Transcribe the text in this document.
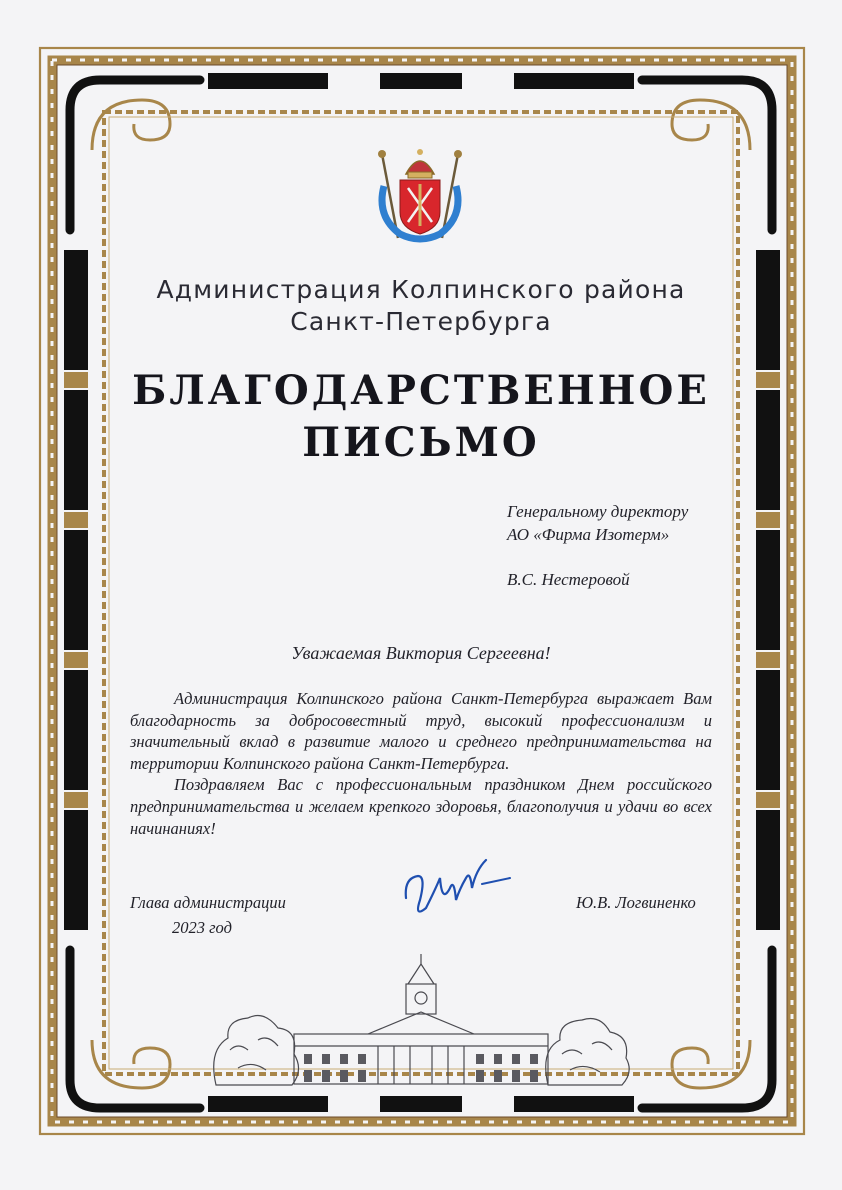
Администрация Колпинского района
Санкт-Петербурга
БЛАГОДАРСТВЕННОЕ
ПИСЬМО
Генеральному директору
АО «Фирма Изотерм»
В.С. Нестеровой
Уважаемая Виктория Сергеевна!

Администрация Колпинского района Санкт-Петербурга выражает Вам благодарность за добросовестный труд, высокий профессионализм и значительный вклад в развитие малого и среднего предпринимательства на территории Колпинского района Санкт-Петербурга.

Поздравляем Вас с профессиональным праздником Днем российского предпринимательства и желаем крепкого здоровья, благополучия и удачи во всех начинаниях!

Глава администрации
2023 год
Ю.В. Логвиненко
